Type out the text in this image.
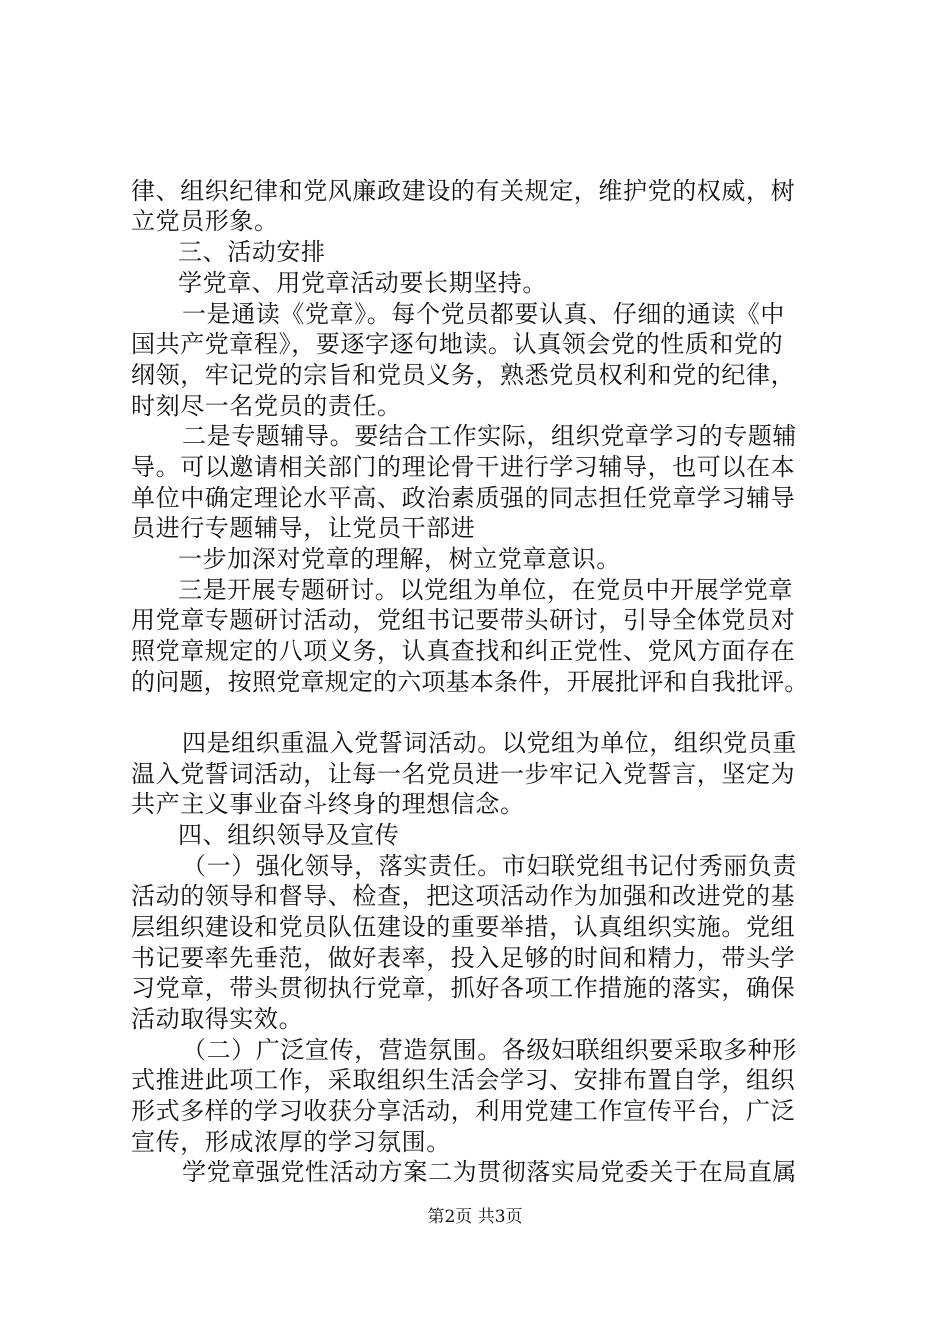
律、组织纪律和党风廉政建设的有关规定，维护党的权威，树
立党员形象。
三、活动安排
学党章、用党章活动要长期坚持。
一是通读《党章》。每个党员都要认真、仔细的通读《中
国共产党章程》，要逐字逐句地读。认真领会党的性质和党的
纲领，牢记党的宗旨和党员义务，熟悉党员权利和党的纪律，
时刻尽一名党员的责任。
二是专题辅导。要结合工作实际，组织党章学习的专题辅
导。可以邀请相关部门的理论骨干进行学习辅导，也可以在本
单位中确定理论水平高、政治素质强的同志担任党章学习辅导
员进行专题辅导，让党员干部进
一步加深对党章的理解，树立党章意识。
三是开展专题研讨。以党组为单位，在党员中开展学党章
用党章专题研讨活动，党组书记要带头研讨，引导全体党员对
照党章规定的八项义务，认真查找和纠正党性、党风方面存在
的问题，按照党章规定的六项基本条件，开展批评和自我批评。
四是组织重温入党誓词活动。以党组为单位，组织党员重
温入党誓词活动，让每一名党员进一步牢记入党誓言，坚定为
共产主义事业奋斗终身的理想信念。
四、组织领导及宣传
（一）强化领导，落实责任。市妇联党组书记付秀丽负责
活动的领导和督导、检查，把这项活动作为加强和改进党的基
层组织建设和党员队伍建设的重要举措，认真组织实施。党组
书记要率先垂范，做好表率，投入足够的时间和精力，带头学
习党章，带头贯彻执行党章，抓好各项工作措施的落实，确保
活动取得实效。
（二）广泛宣传，营造氛围。各级妇联组织要采取多种形
式推进此项工作，采取组织生活会学习、安排布置自学，组织
形式多样的学习收获分享活动，利用党建工作宣传平台，广泛
宣传，形成浓厚的学习氛围。
学党章强党性活动方案二为贯彻落实局党委关于在局直属
第2页 共3页
